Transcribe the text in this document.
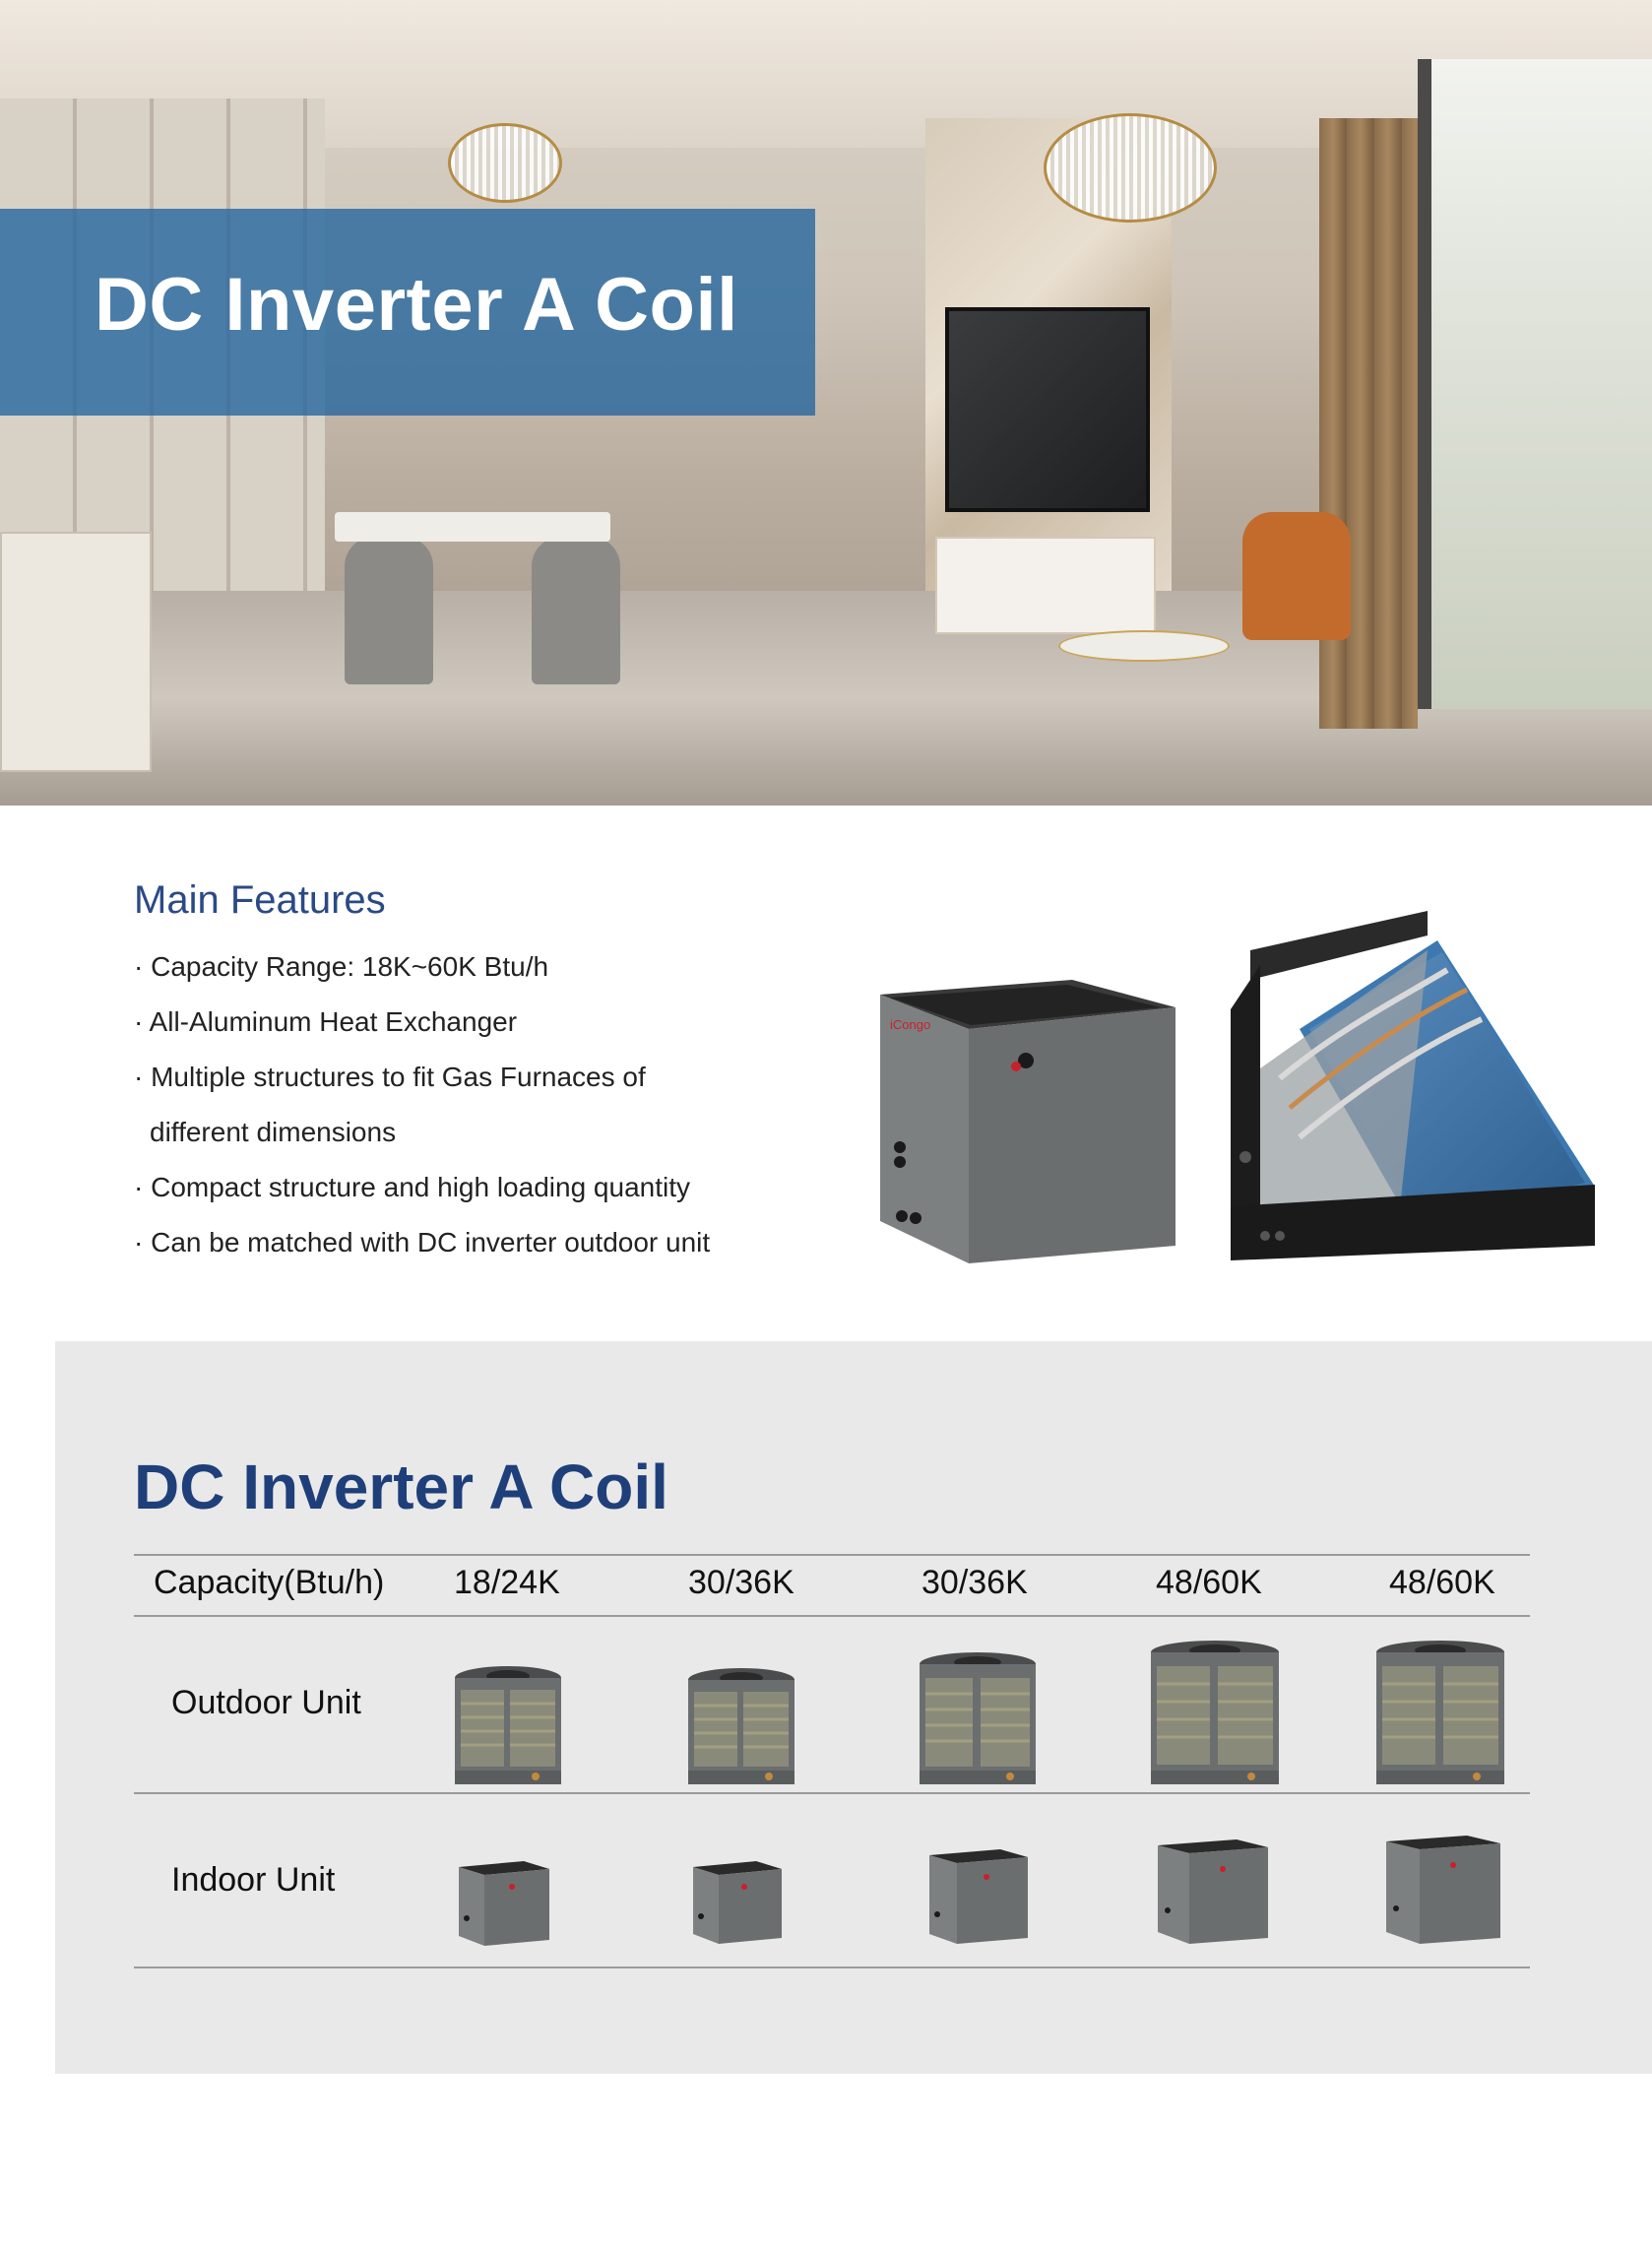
DC Inverter A Coil
Main Features
· Capacity Range: 18K~60K Btu/h
· All-Aluminum Heat Exchanger
· Multiple structures to fit Gas Furnaces of
different dimensions
· Compact structure and high loading quantity
· Can be matched with DC inverter outdoor unit
iCongo
DC Inverter A Coil
Capacity(Btu/h) 18/24K	30/36K	30/36K	48/60K	48/60K
Outdoor Unit
Indoor Unit
